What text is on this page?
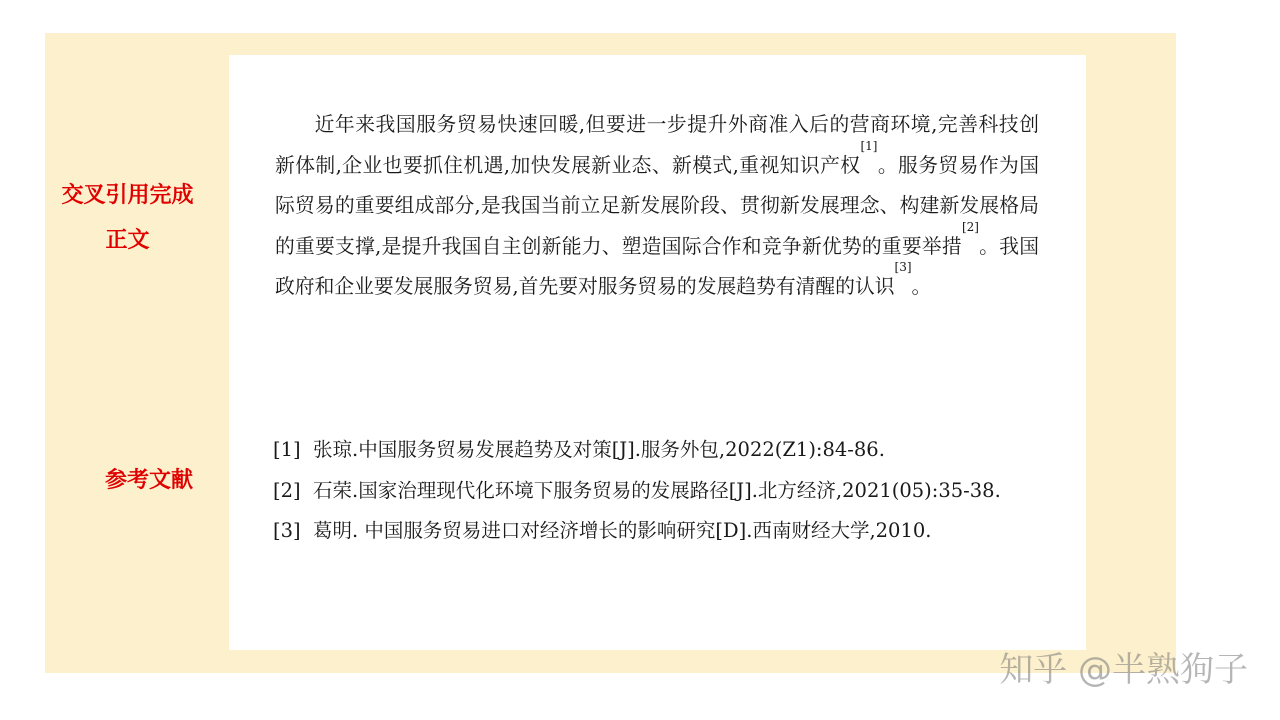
交叉引用完成
正文
参考文献

近年来我国服务贸易快速回暖,但要进一步提升外商准入后的营商环境,完善科技创新体制,企业也要抓住机遇,加快发展新业态、新模式,重视知识产权[1]。服务贸易作为国际贸易的重要组成部分,是我国当前立足新发展阶段、贯彻新发展理念、构建新发展格局的重要支撑,是提升我国自主创新能力、塑造国际合作和竞争新优势的重要举措[2]。我国政府和企业要发展服务贸易,首先要对服务贸易的发展趋势有清醒的认识[3]。

[1] 张琼.中国服务贸易发展趋势及对策[J].服务外包,2022(Z1):84-86.
[2] 石荣.国家治理现代化环境下服务贸易的发展路径[J].北方经济,2021(05):35-38.
[3] 葛明. 中国服务贸易进口对经济增长的影响研究[D].西南财经大学,2010.
知乎 @半熟狗子
